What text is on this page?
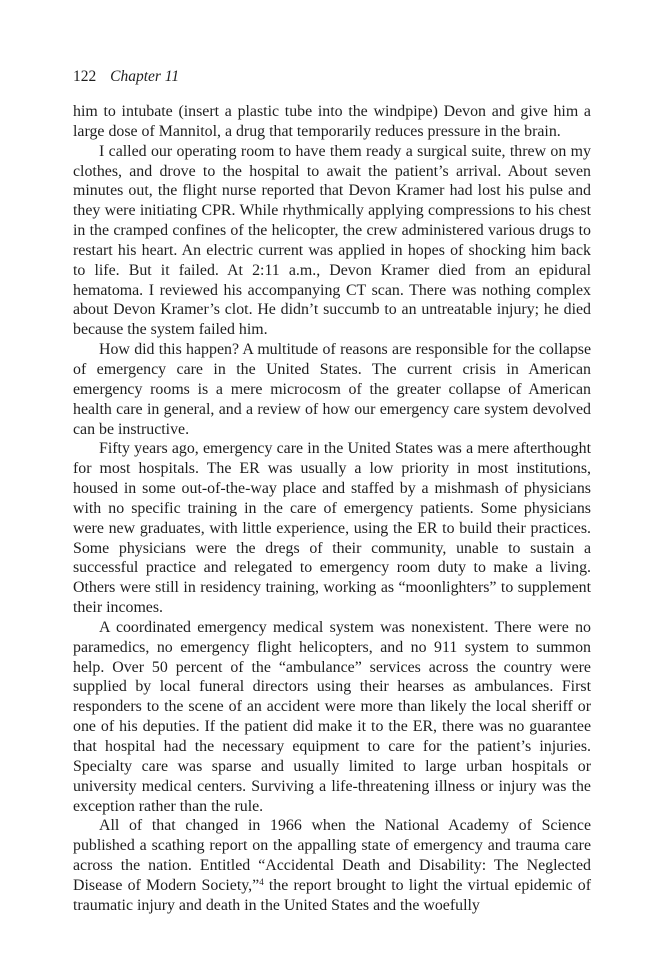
122 Chapter 11

him to intubate (insert a plastic tube into the windpipe) Devon and give him a large dose of Mannitol, a drug that temporarily reduces pressure in the brain.

I called our operating room to have them ready a surgical suite, threw on my clothes, and drove to the hospital to await the patient’s arrival. About seven minutes out, the flight nurse reported that Devon Kramer had lost his pulse and they were initiating CPR. While rhythmically applying compressions to his chest in the cramped confines of the helicopter, the crew administered various drugs to restart his heart. An electric current was applied in hopes of shocking him back to life. But it failed. At 2:11 a.m., Devon Kramer died from an epidural hematoma. I reviewed his accompanying CT scan. There was nothing complex about Devon Kramer’s clot. He didn’t succumb to an untreatable injury; he died because the system failed him.

How did this happen? A multitude of reasons are responsible for the collapse of emergency care in the United States. The current crisis in American emergency rooms is a mere microcosm of the greater collapse of American health care in general, and a review of how our emergency care system devolved can be instructive.

Fifty years ago, emergency care in the United States was a mere afterthought for most hospitals. The ER was usually a low priority in most institutions, housed in some out-of-the-way place and staffed by a mishmash of physicians with no specific training in the care of emergency patients. Some physicians were new graduates, with little experience, using the ER to build their practices. Some physicians were the dregs of their community, unable to sustain a successful practice and relegated to emergency room duty to make a living. Others were still in residency training, working as “moonlighters” to supplement their incomes.

A coordinated emergency medical system was nonexistent. There were no paramedics, no emergency flight helicopters, and no 911 system to summon help. Over 50 percent of the “ambulance” services across the country were supplied by local funeral directors using their hearses as ambulances. First responders to the scene of an accident were more than likely the local sheriff or one of his deputies. If the patient did make it to the ER, there was no guarantee that hospital had the necessary equipment to care for the patient’s injuries. Specialty care was sparse and usually limited to large urban hospitals or university medical centers. Surviving a life-threatening illness or injury was the exception rather than the rule.

All of that changed in 1966 when the National Academy of Science published a scathing report on the appalling state of emergency and trauma care across the nation. Entitled “Accidental Death and Disability: The Neglected Disease of Modern Society,”$^4$ the report brought to light the virtual epidemic of traumatic injury and death in the United States and the woefully
